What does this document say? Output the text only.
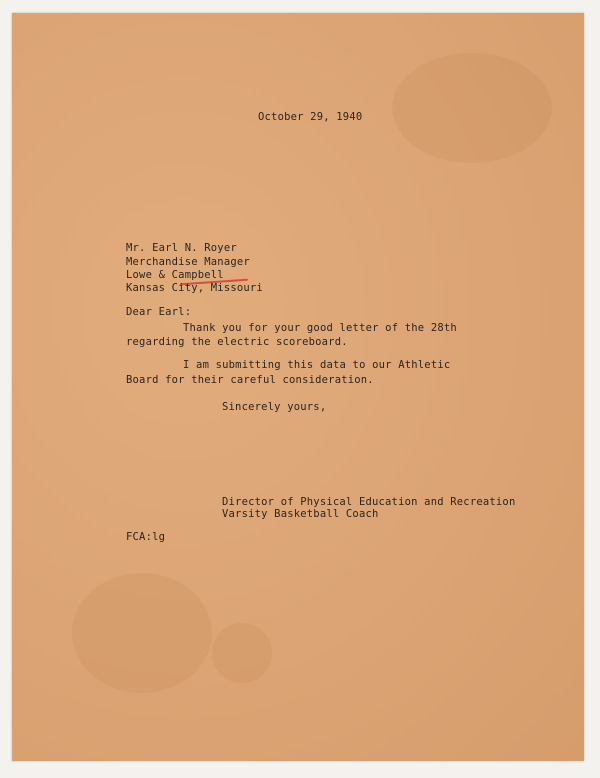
October 29, 1940
Mr. Earl N. Royer
Merchandise Manager
Lowe & Campbell
Kansas City, Missouri
Dear Earl:
Thank you for your good letter of the 28th
regarding the electric scoreboard.
I am submitting this data to our Athletic
Board for their careful consideration.
Sincerely yours,
Director of Physical Education and Recreation
Varsity Basketball Coach
FCA:lg
